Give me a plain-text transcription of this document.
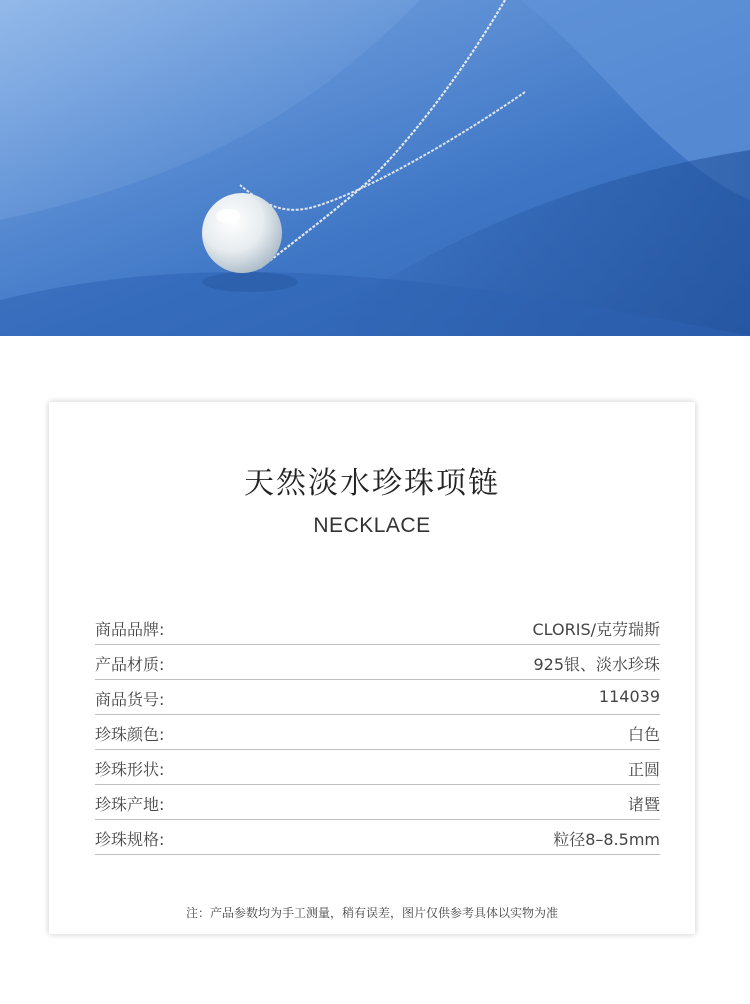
天然淡水珍珠项链
NECKLACE
商品品牌:	CLORIS/克劳瑞斯
产品材质:	925银、淡水珍珠
商品货号:	114039
珍珠颜色:	白色
珍珠形状:	正圆
珍珠产地:	诸暨
珍珠规格:	粒径8–8.5mm
注：产品参数均为手工测量，稍有误差，图片仅供参考具体以实物为准
